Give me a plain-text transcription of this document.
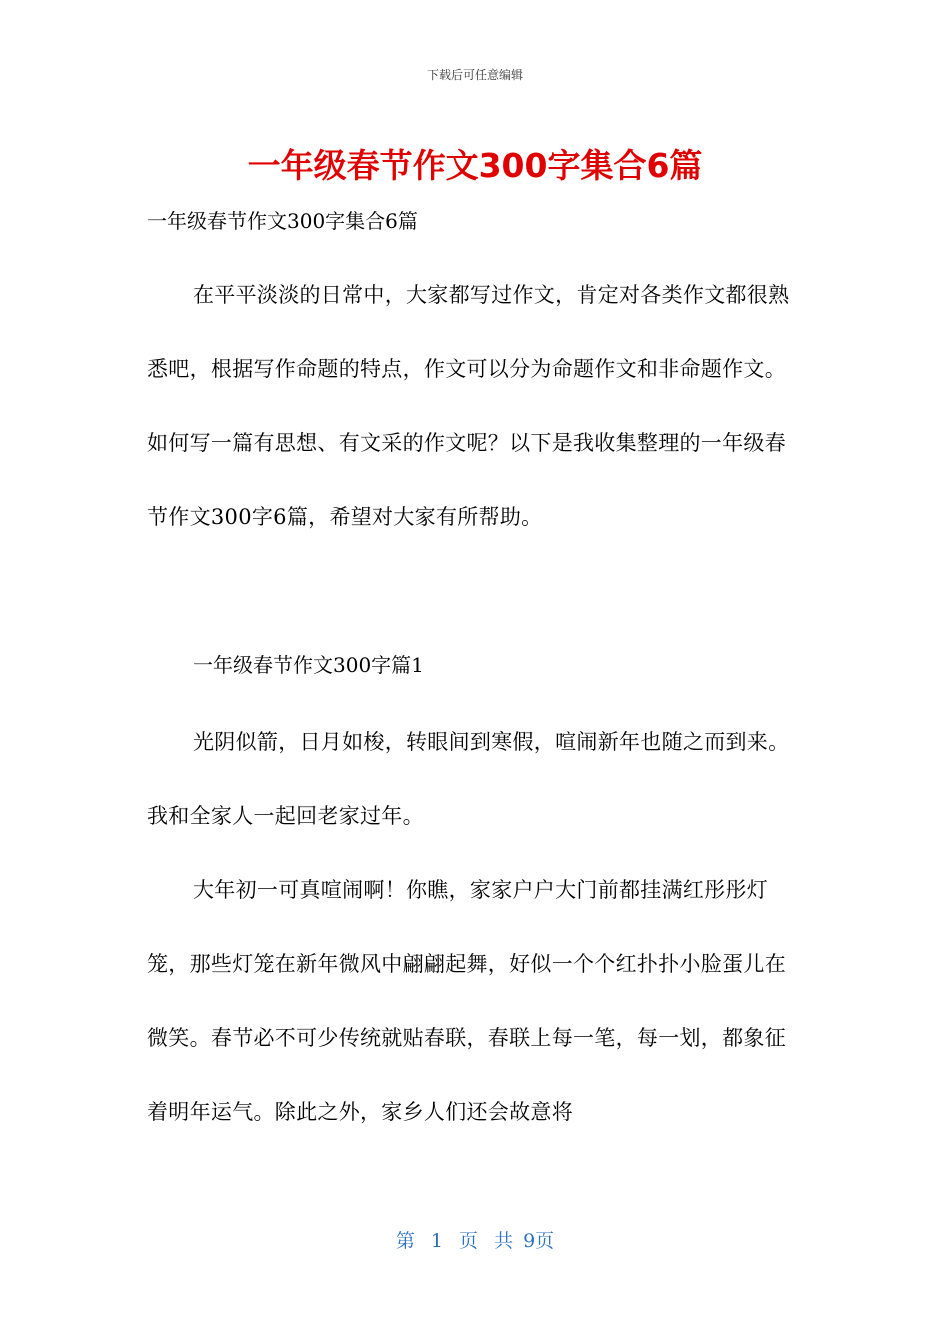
下载后可任意编辑
一年级春节作文300字集合6篇
一年级春节作文300字集合6篇

在平平淡淡的日常中，大家都写过作文，肯定对各类作文都很熟悉吧，根据写作命题的特点，作文可以分为命题作文和非命题作文。如何写一篇有思想、有文采的作文呢？以下是我收集整理的一年级春节作文300字6篇，希望对大家有所帮助。

一年级春节作文300字篇1

光阴似箭，日月如梭，转眼间到寒假，喧闹新年也随之而到来。我和全家人一起回老家过年。

大年初一可真喧闹啊！你瞧，家家户户大门前都挂满红彤彤灯笼，那些灯笼在新年微风中翩翩起舞，好似一个个红扑扑小脸蛋儿在微笑。春节必不可少传统就贴春联，春联上每一笔，每一划，都象征着明年运气。除此之外，家乡人们还会故意将

第 1 页 共 9页
